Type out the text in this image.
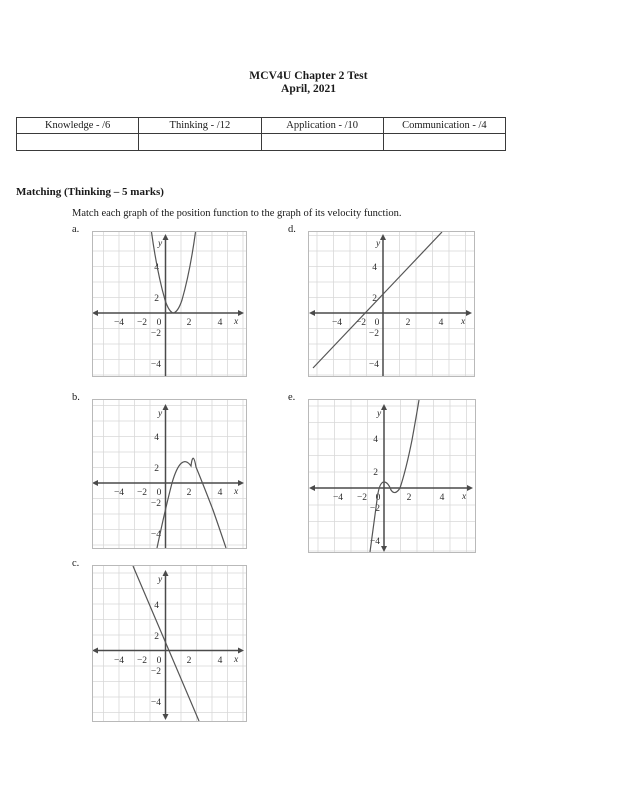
MCV4U Chapter 2 Test
April, 2021
Knowledge - /6	Thinking - /12	Application - /10	Communication - /4

Matching (Thinking – 5 marks)
Match each graph of the position function to the graph of its velocity function.
a.
−4 −2 0	2	4
4
2
−2
−4
x
y
d.
−4 −2 0	2	4
4
2
−2
−4
x
y
b.
−4 −2 0	2	4
4
2
−2
−4
x
y
e.
−4 −2 0	2	4
4
2
−2
−4
x
y
c.
−4 −2 0	2	4
4
2
−2
−4
x
y
